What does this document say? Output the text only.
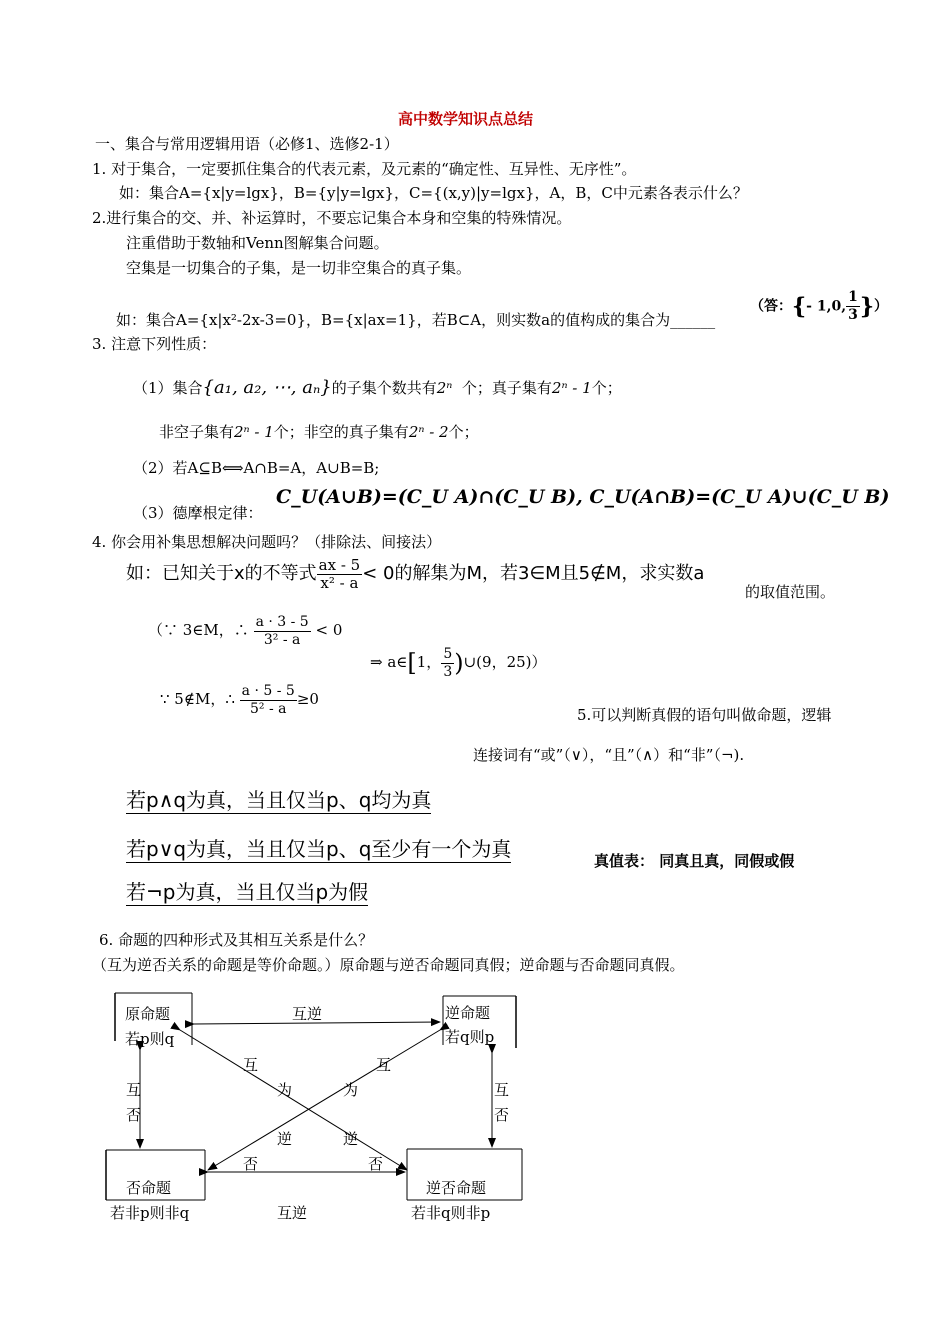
高中数学知识点总结
一、集合与常用逻辑用语（必修1、选修2-1）
1. 对于集合，一定要抓住集合的代表元素，及元素的“确定性、互异性、无序性”。
如：集合A={x|y=lgx}，B={y|y=lgx}，C={(x,y)|y=lgx}，A，B，C中元素各表示什么？
2.进行集合的交、并、补运算时，不要忘记集合本身和空集的特殊情况。
注重借助于数轴和Venn图解集合问题。
空集是一切集合的子集，是一切非空集合的真子集。
（答：{- 1,0, $\frac{1}{3}$ }）
如：集合A={x|x²-2x-3=0}，B={x|ax=1}，若B⊂A，则实数a的值构成的集合为______
3. 注意下列性质：
（1）集合{a₁, a₂, ⋯, aₙ}的子集个数共有2ⁿ 个；真子集有2ⁿ - 1个；
非空子集有2ⁿ - 1个；非空的真子集有2ⁿ - 2个；
（2）若A⊆B⟺A∩B=A，A∪B=B;
（3）德摩根定律：
C_U(A∪B)=(C_U A)∩(C_U B), C_U(A∩B)=(C_U A)∪(C_U B)
4. 你会用补集思想解决问题吗？（排除法、间接法）
如：已知关于x的不等式 $\frac{ax - 5}{\text{x² - a}} < 0$的解集为M，若3∈M且5∉M，求实数a
的取值范围。
（∵ 3∈M，∴ $\frac{a \cdot 3 - 5}{\text{3² - a}} < 0$
⇒ a∈[1， $\frac{5}{3}$ )∪(9，25)）
∵ 5∉M，∴ $\frac{a \cdot 5 - 5}{\text{5² - a}} \ge 0$
5.可以判断真假的语句叫做命题，逻辑
连接词有“或”（∨），“且”（∧）和“非”（¬).
若p∧q为真，当且仅当p、q均为真
若p∨q为真，当且仅当p、q至少有一个为真
若¬p为真，当且仅当p为假
真值表： 同真且真，同假或假
6. 命题的四种形式及其相互关系是什么？
（互为逆否关系的命题是等价命题。）原命题与逆否命题同真假；逆命题与否命题同真假。
原命题
若p则q
逆命题
若q则p
否命题
若非p则非q
逆否命题
若非q则非p
互逆
互逆
互
否
互
否
互
为
逆
否
互
为
逆
否
